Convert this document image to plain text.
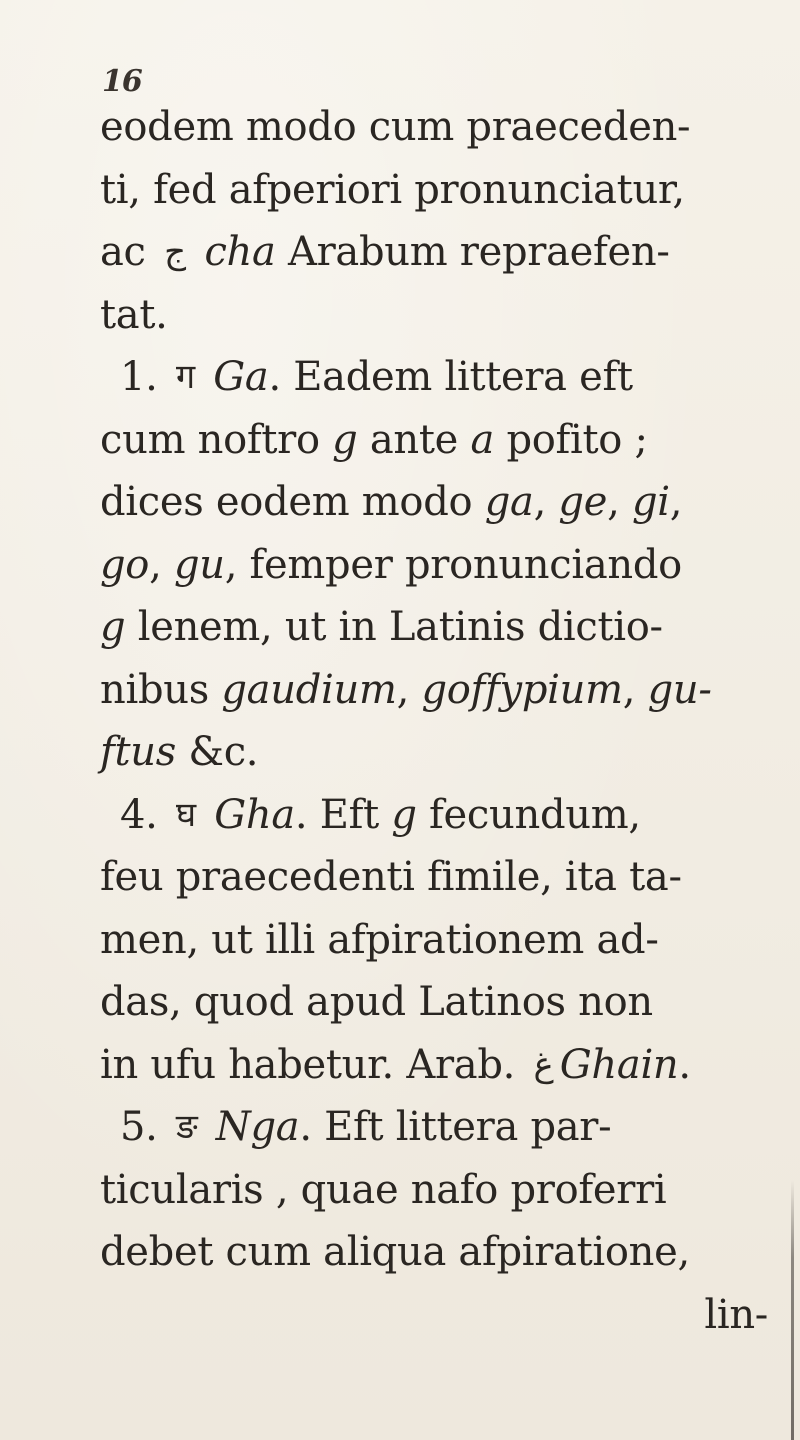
16
eodem modo cum praeceden-
ti, fed afperiori pronunciatur,
ac ج cha Arabum repraefen-
tat.
1. ग Ga. Eadem littera eft
cum noftro g ante a pofito ;
dices eodem modo ga, ge, gi,
go, gu, femper pronunciando
g lenem, ut in Latinis dictio-
nibus gaudium, goffypium, gu-
ftus &c.
4. घ Gha. Eft g fecundum,
feu praecedenti fimile, ita ta-
men, ut illi afpirationem ad-
das, quod apud Latinos non
in ufu habetur. Arab. غ Ghain.
5. ङ Nga. Eft littera par-
ticularis , quae nafo proferri
debet cum aliqua afpiratione,
lin-
